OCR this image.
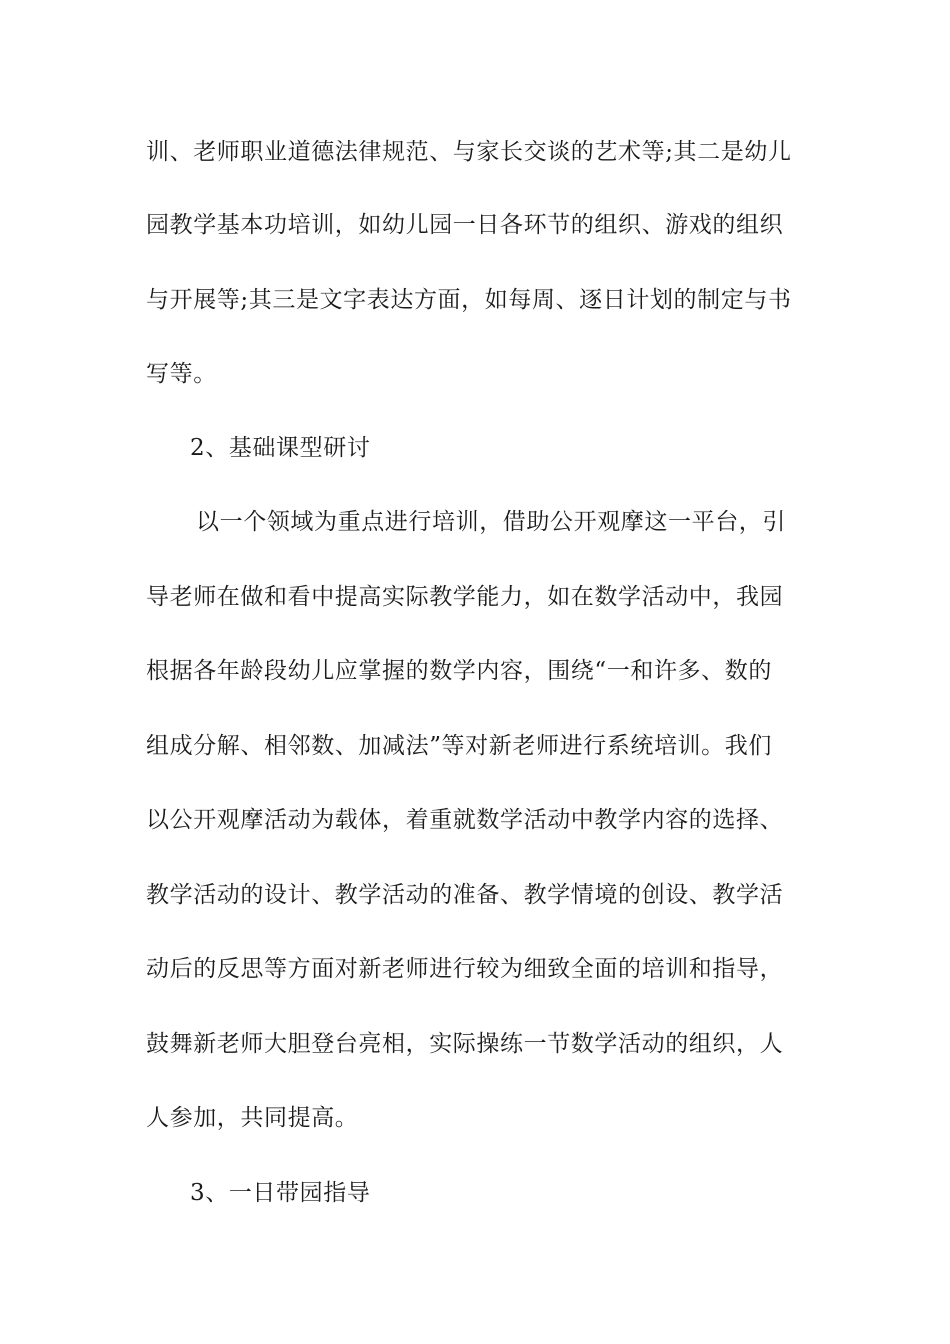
训、老师职业道德法律规范、与家长交谈的艺术等;其二是幼儿
园教学基本功培训，如幼儿园一日各环节的组织、游戏的组织
与开展等;其三是文字表达方面，如每周、逐日计划的制定与书
写等。
2、基础课型研讨
以一个领域为重点进行培训，借助公开观摩这一平台，引
导老师在做和看中提高实际教学能力，如在数学活动中，我园
根据各年龄段幼儿应掌握的数学内容，围绕“一和许多、数的
组成分解、相邻数、加减法”等对新老师进行系统培训。我们
以公开观摩活动为载体，着重就数学活动中教学内容的选择、
教学活动的设计、教学活动的准备、教学情境的创设、教学活
动后的反思等方面对新老师进行较为细致全面的培训和指导，
鼓舞新老师大胆登台亮相，实际操练一节数学活动的组织，人
人参加，共同提高。
3、一日带园指导
